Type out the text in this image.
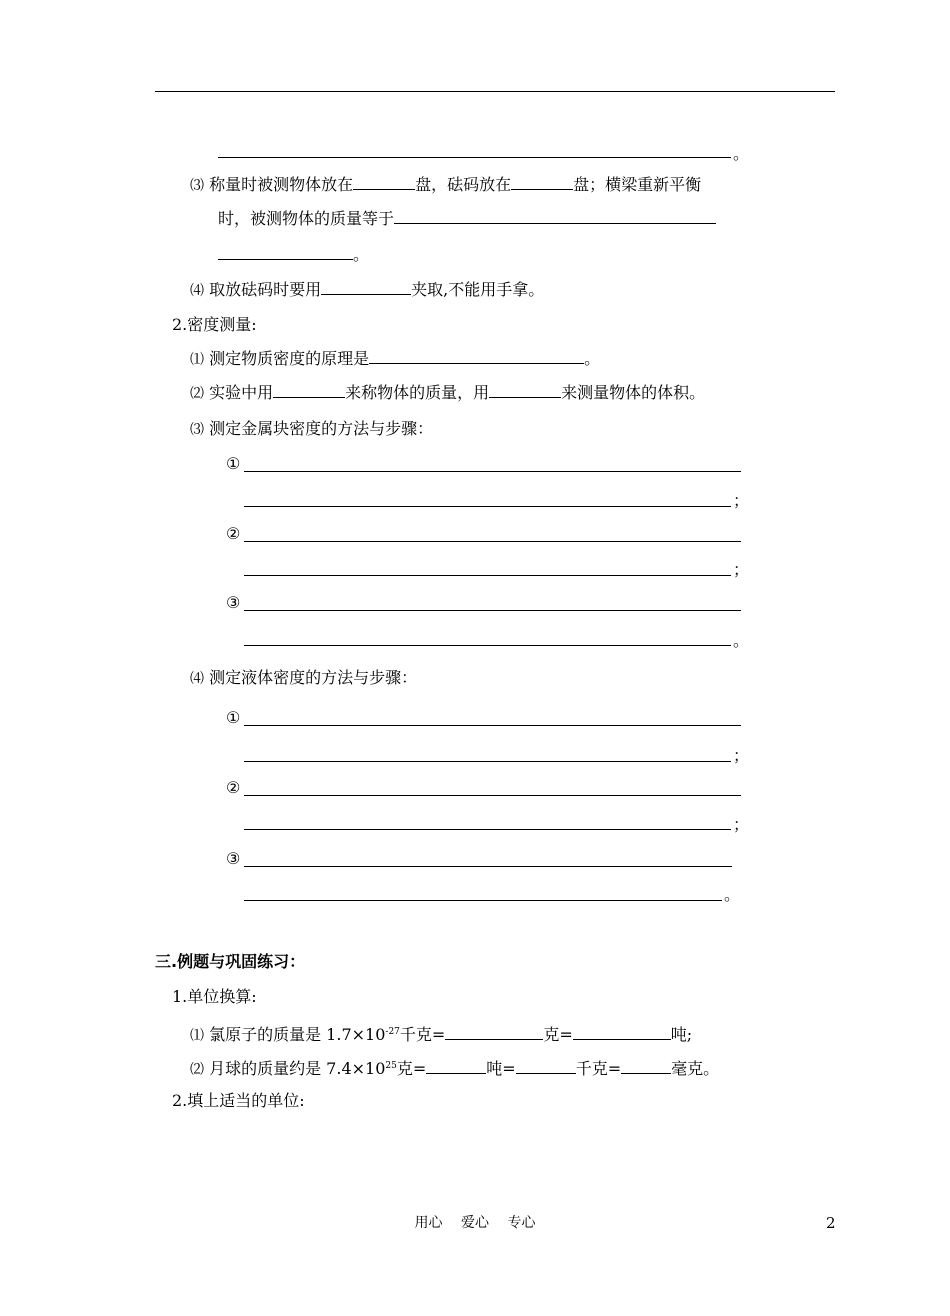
。
⑶ 称量时被测物体放在	盘，砝码放在	盘；横梁重新平衡
时，被测物体的质量等于
。
⑷ 取放砝码时要用	夹取,不能用手拿。
2.密度测量:
⑴ 测定物质密度的原理是	。
⑵ 实验中用	来称物体的质量，用	来测量物体的体积。
⑶ 测定金属块密度的方法与步骤：
①
；
②
；
③
。
⑷ 测定液体密度的方法与步骤：
①
；
②
；
③
。
三.例题与巩固练习：
1.单位换算:
⑴ 氯原子的质量是 $1.7\times 10^{-27}$千克=	克=	吨;
⑵ 月球的质量约是 $7.4\times 10^{25}$克=	吨=	千克=	毫克。
2.填上适当的单位:
用心　 爱心　 专心	2
